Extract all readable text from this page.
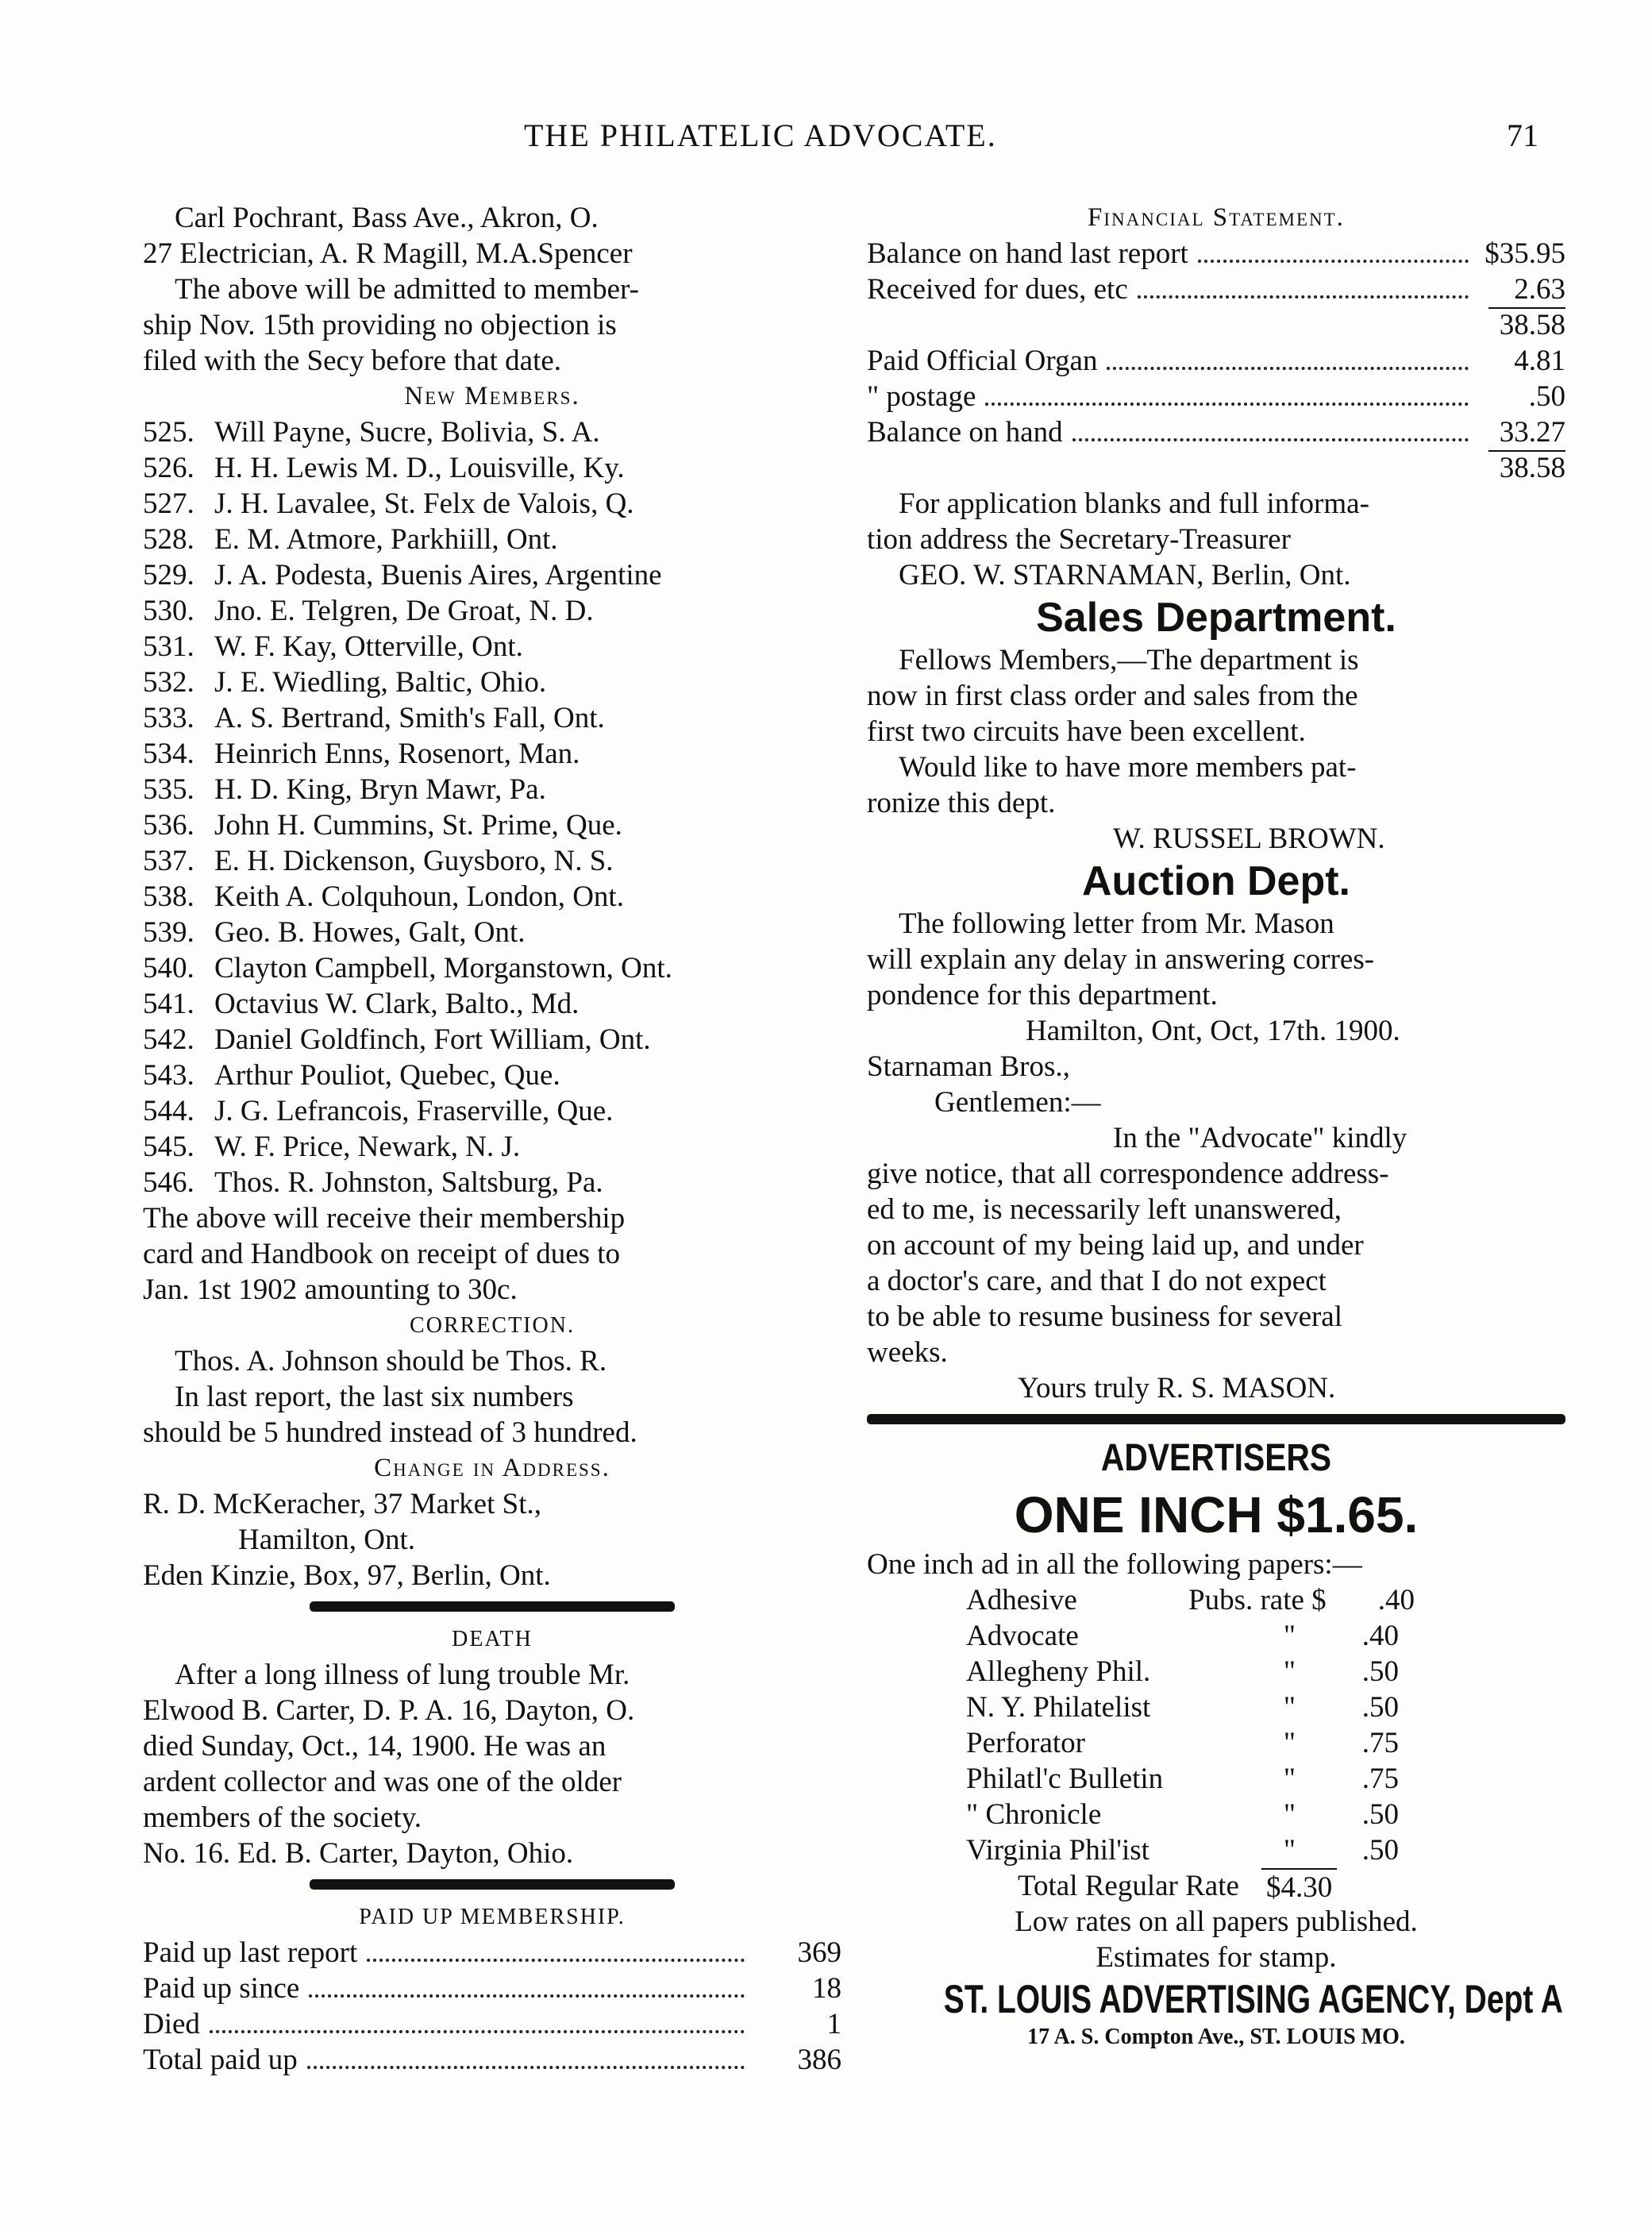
THE PHILATELIC ADVOCATE.	71
Carl Pochrant, Bass Ave., Akron, O.
27 Electrician, A. R Magill, M.A.Spencer
The above will be admitted to member-
ship Nov. 15th providing no objection is
filed with the Secy before that date.
New Members.
525. Will Payne, Sucre, Bolivia, S. A.
526. H. H. Lewis M. D., Louisville, Ky.
527. J. H. Lavalee, St. Felx de Valois, Q.
528. E. M. Atmore, Parkhiill, Ont.
529. J. A. Podesta, Buenis Aires, Argentine
530. Jno. E. Telgren, De Groat, N. D.
531. W. F. Kay, Otterville, Ont.
532. J. E. Wiedling, Baltic, Ohio.
533. A. S. Bertrand, Smith's Fall, Ont.
534. Heinrich Enns, Rosenort, Man.
535. H. D. King, Bryn Mawr, Pa.
536. John H. Cummins, St. Prime, Que.
537. E. H. Dickenson, Guysboro, N. S.
538. Keith A. Colquhoun, London, Ont.
539. Geo. B. Howes, Galt, Ont.
540. Clayton Campbell, Morganstown, Ont.
541. Octavius W. Clark, Balto., Md.
542. Daniel Goldfinch, Fort William, Ont.
543. Arthur Pouliot, Quebec, Que.
544. J. G. Lefrancois, Fraserville, Que.
545. W. F. Price, Newark, N. J.
546. Thos. R. Johnston, Saltsburg, Pa.
The above will receive their membership
card and Handbook on receipt of dues to
Jan. 1st 1902 amounting to 30c.
CORRECTION.
Thos. A. Johnson should be Thos. R.
In last report, the last six numbers
should be 5 hundred instead of 3 hundred.
Change in Address.
R. D. McKeracher, 37 Market St.,
Hamilton, Ont.
Eden Kinzie, Box, 97, Berlin, Ont.
DEATH
After a long illness of lung trouble Mr.
Elwood B. Carter, D. P. A. 16, Dayton, O.
died Sunday, Oct., 14, 1900. He was an
ardent collector and was one of the older
members of the society.
No. 16. Ed. B. Carter, Dayton, Ohio.
PAID UP MEMBERSHIP.
Paid up last report	369
Paid up since	18
Died	1
Total paid up	386
Financial Statement.
Balance on hand last report	$35.95
Received for dues, etc	2.63
38.58
Paid Official Organ	4.81
" postage	.50
Balance on hand	33.27
38.58
For application blanks and full informa-
tion address the Secretary-Treasurer
GEO. W. STARNAMAN, Berlin, Ont.
Sales Department.
Fellows Members,—The department is
now in first class order and sales from the
first two circuits have been excellent.
Would like to have more members pat-
ronize this dept.
W. RUSSEL BROWN.
Auction Dept.
The following letter from Mr. Mason
will explain any delay in answering corres-
pondence for this department.
Hamilton, Ont, Oct, 17th. 1900.
Starnaman Bros.,
Gentlemen:—
In the "Advocate" kindly
give notice, that all correspondence address-
ed to me, is necessarily left unanswered,
on account of my being laid up, and under
a doctor's care, and that I do not expect
to be able to resume business for several
weeks.
Yours truly R. S. MASON.
ADVERTISERS
ONE INCH $1.65.
One inch ad in all the following papers:—
Adhesive	Pubs. rate $	.40
Advocate	"	.40
Allegheny Phil.	"	.50
N. Y. Philatelist	"	.50
Perforator	"	.75
Philatl'c Bulletin	"	.75
" Chronicle	"	.50
Virginia Phil'ist	"	.50
Total Regular Rate $4.30
Low rates on all papers published.
Estimates for stamp.
ST. LOUIS ADVERTISING AGENCY, Dept A
17 A. S. Compton Ave., ST. LOUIS MO.
